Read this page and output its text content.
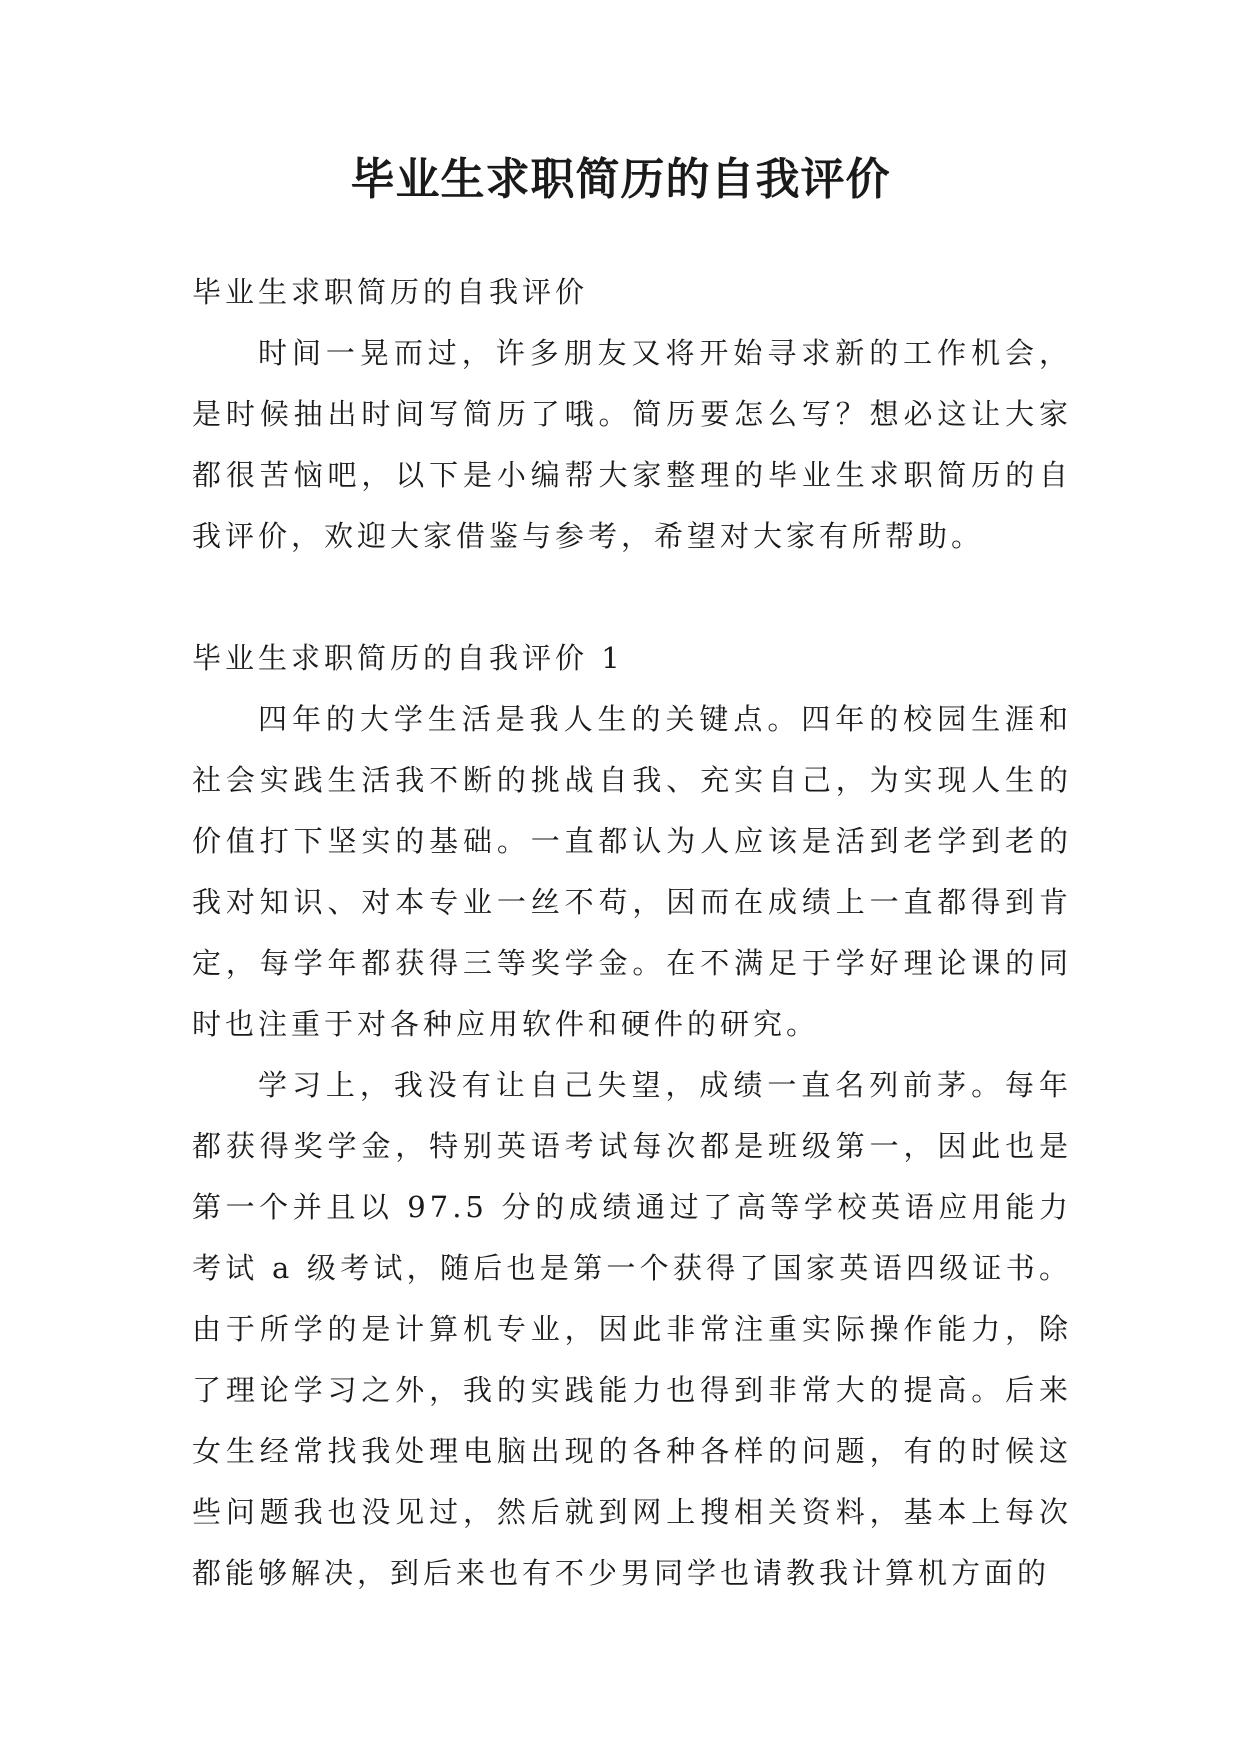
毕业生求职简历的自我评价

毕业生求职简历的自我评价

时间一晃而过，许多朋友又将开始寻求新的工作机会，是时候抽出时间写简历了哦。简历要怎么写？想必这让大家都很苦恼吧，以下是小编帮大家整理的毕业生求职简历的自我评价，欢迎大家借鉴与参考，希望对大家有所帮助。

毕业生求职简历的自我评价 1

四年的大学生活是我人生的关键点。四年的校园生涯和社会实践生活我不断的挑战自我、充实自己，为实现人生的价值打下坚实的基础。一直都认为人应该是活到老学到老的我对知识、对本专业一丝不苟，因而在成绩上一直都得到肯定，每学年都获得三等奖学金。在不满足于学好理论课的同时也注重于对各种应用软件和硬件的研究。

学习上，我没有让自己失望，成绩一直名列前茅。每年都获得奖学金，特别英语考试每次都是班级第一，因此也是第一个并且以 97.5 分的成绩通过了高等学校英语应用能力考试 a 级考试，随后也是第一个获得了国家英语四级证书。由于所学的是计算机专业，因此非常注重实际操作能力，除了理论学习之外，我的实践能力也得到非常大的提高。后来女生经常找我处理电脑出现的各种各样的问题，有的时候这些问题我也没见过，然后就到网上搜相关资料，基本上每次都能够解决，到后来也有不少男同学也请教我计算机方面的
